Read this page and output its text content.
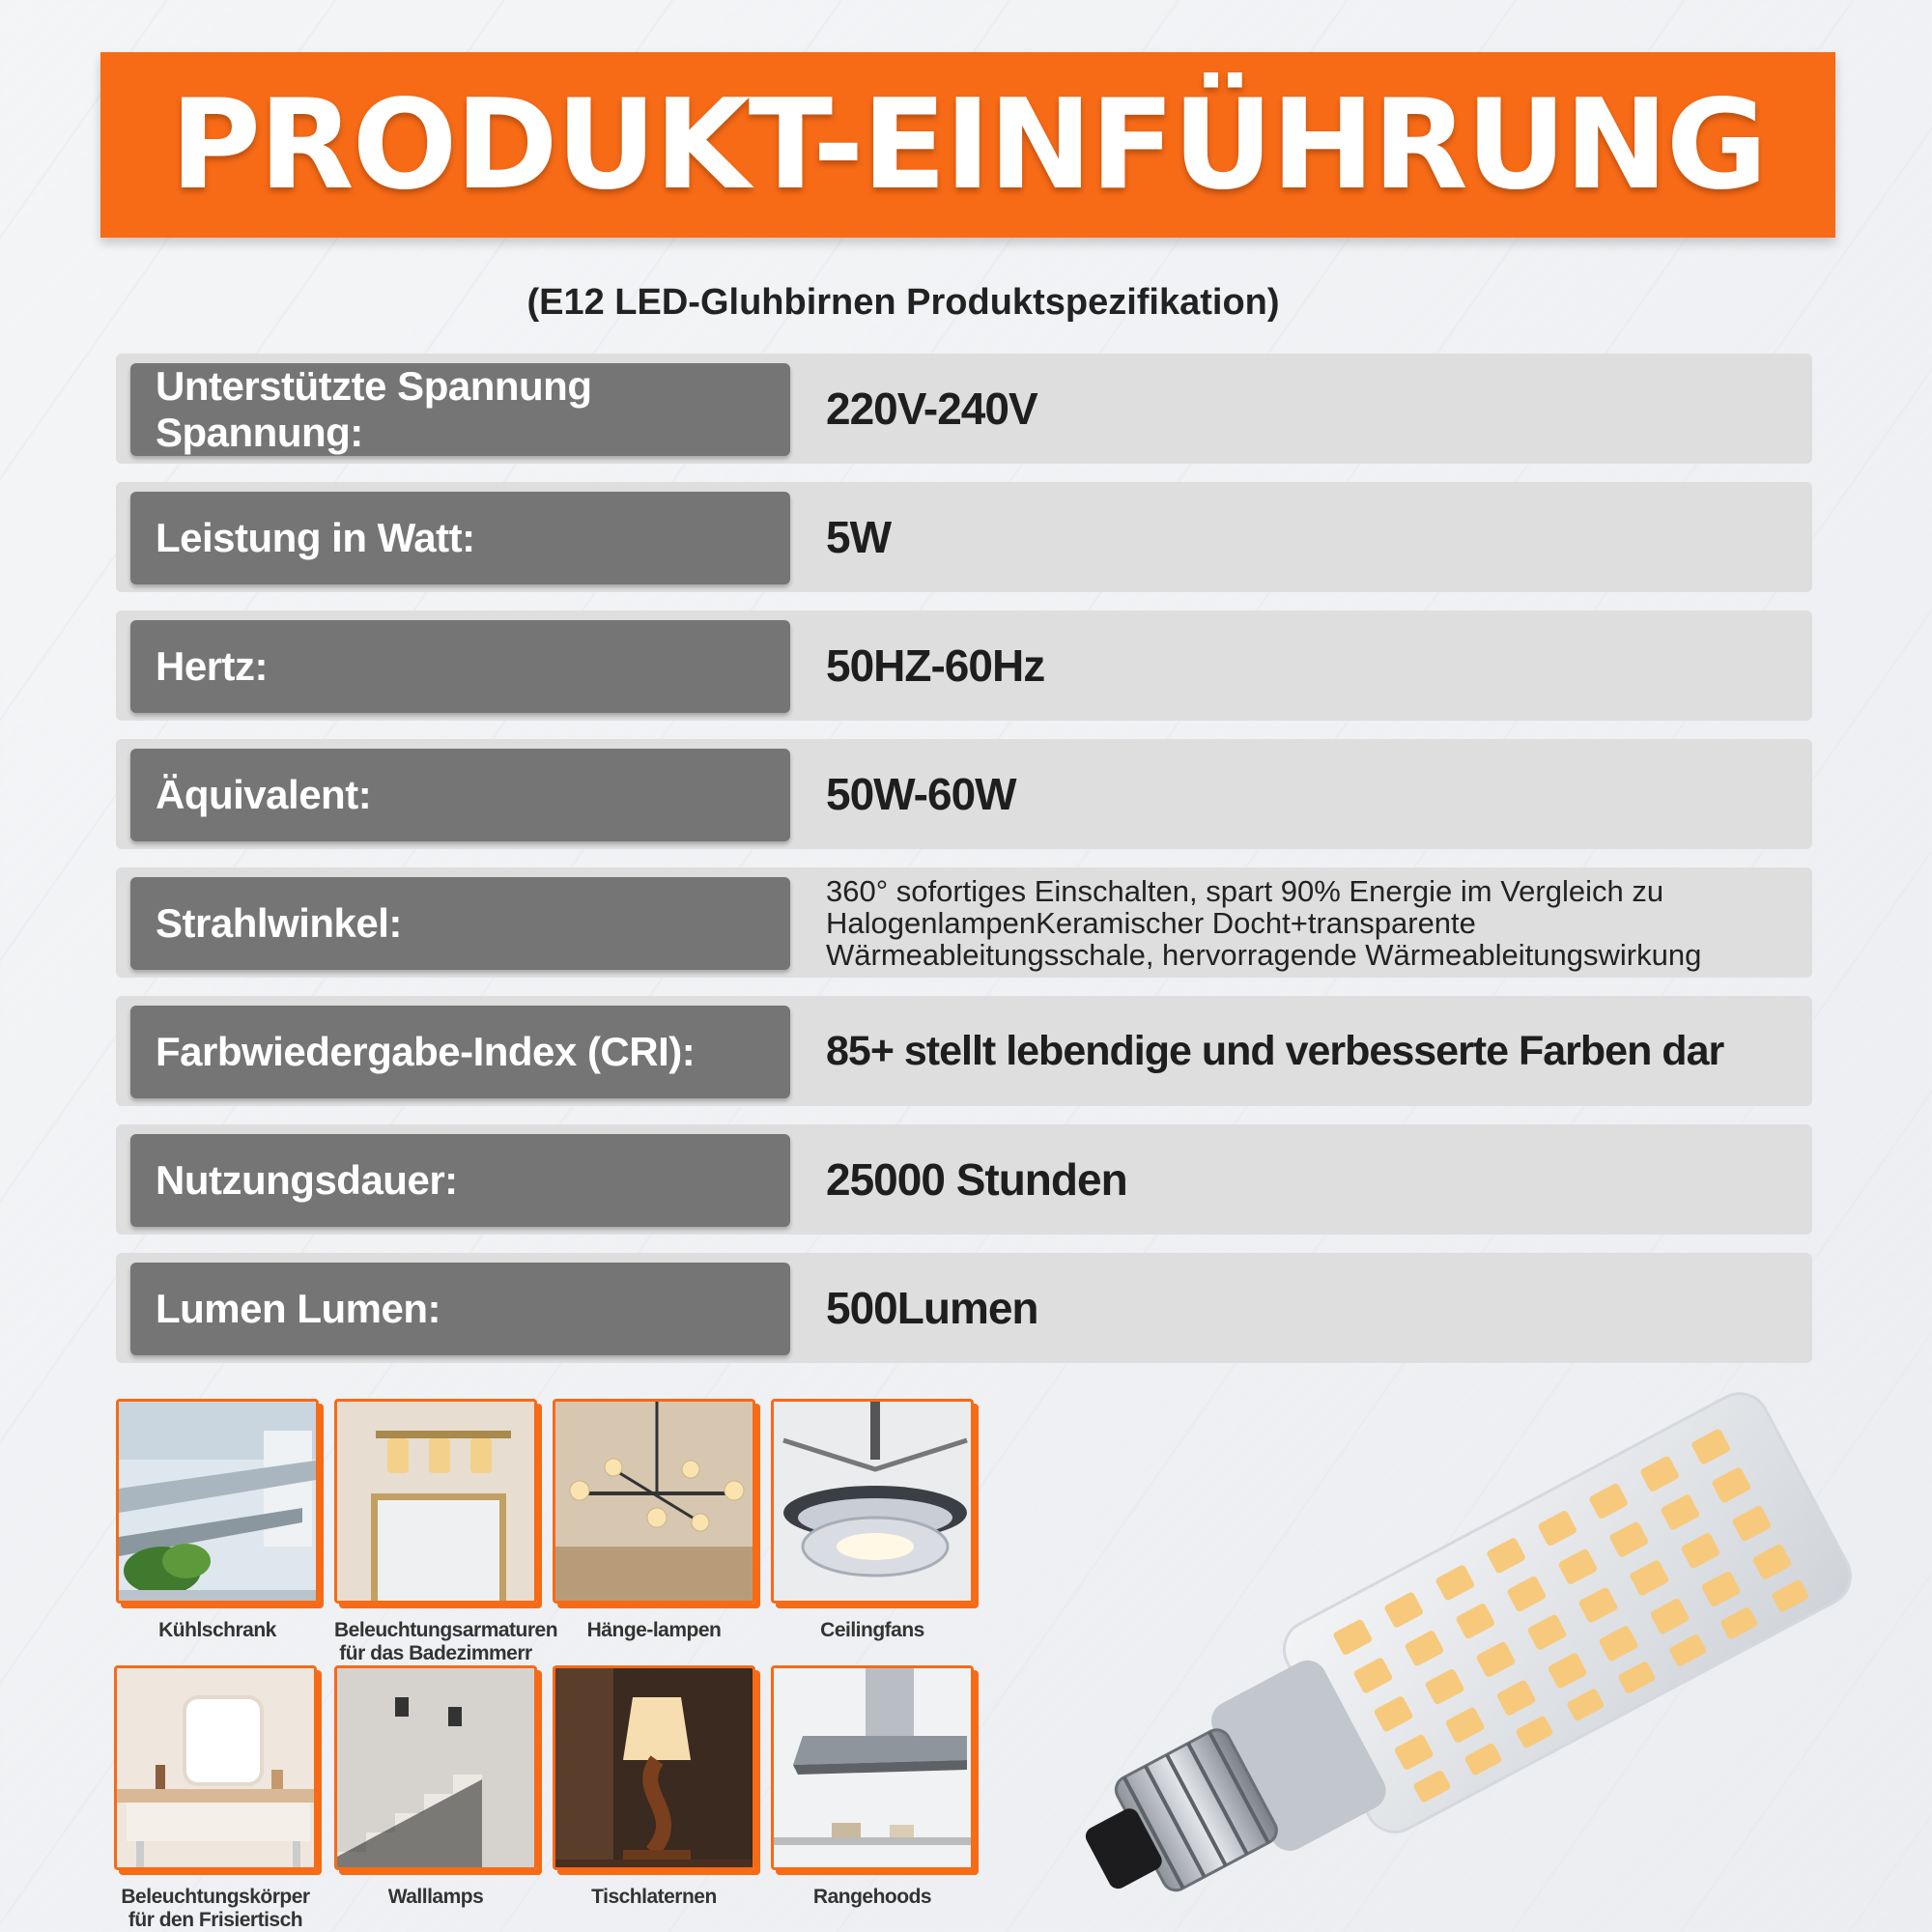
PRODUKT-EINFÜHRUNG
(E12 LED-Gluhbirnen Produktspezifikation)
Unterstützte Spannung Spannung:	220V-240V
Leistung in Watt:	5W
Hertz:	50HZ-60Hz
Äquivalent:	50W-60W
Strahlwinkel:
360° sofortiges Einschalten, spart 90% Energie im Vergleich zu HalogenlampenKeramischer Docht+transparente Wärmeableitungsschale, hervorragende Wärmeableitungswirkung
Farbwiedergabe-Index (CRI):	85+ stellt lebendige und verbesserte Farben dar
Nutzungsdauer:	25000 Stunden
Lumen Lumen:	500Lumen
Kühlschrank	Beleuchtungsarmaturen für das Badezimmerr
Hänge-lampen	Ceilingfans
Beleuchtungskörper für den Frisiertisch
Walllamps	Tischlaternen	Rangehoods
